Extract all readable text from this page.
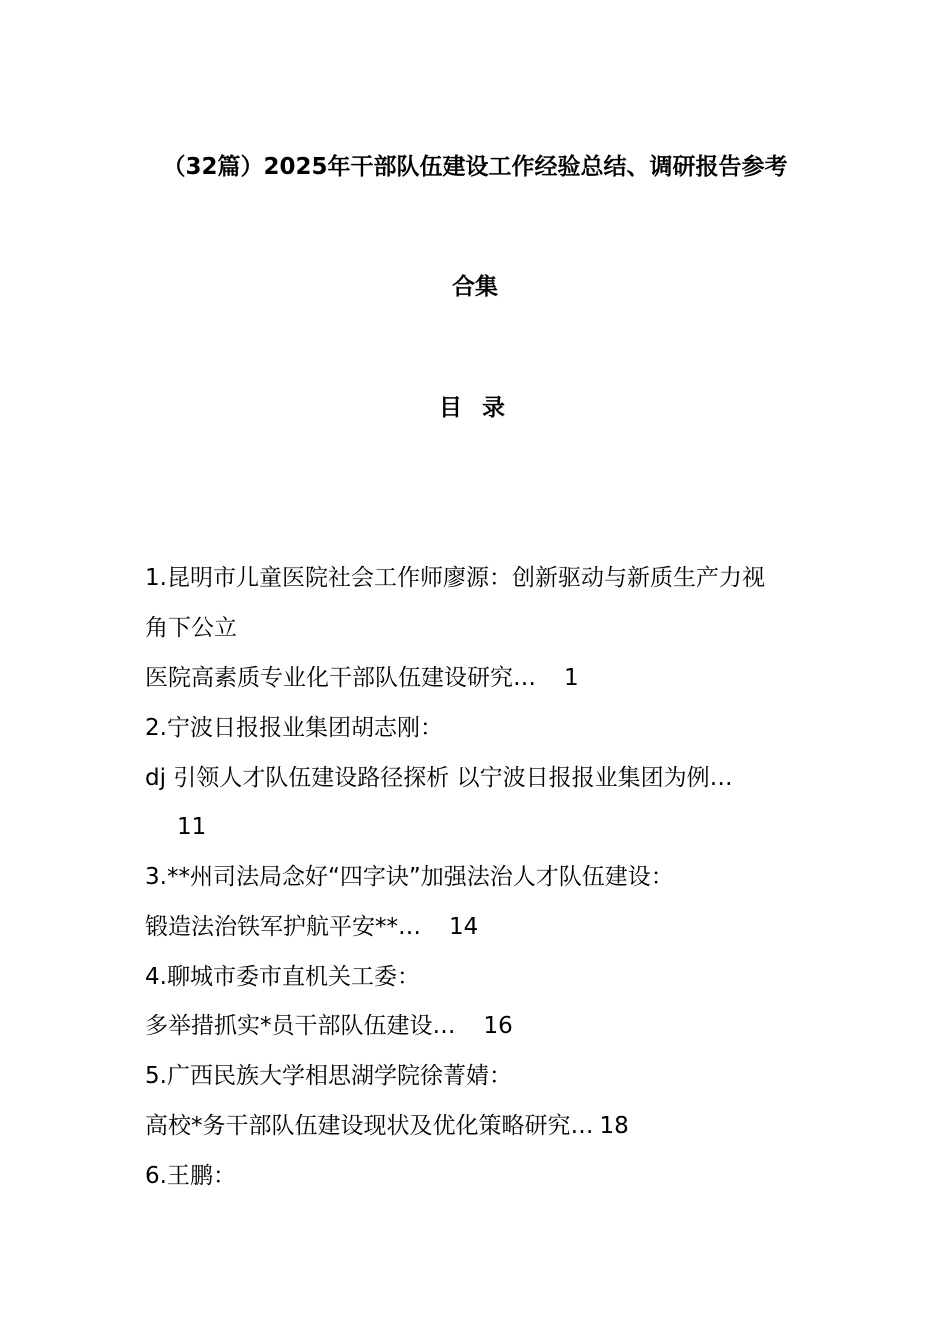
（32篇）2025年干部队伍建设工作经验总结、调研报告参考
合集
目 录
1.昆明市儿童医院社会工作师廖源：创新驱动与新质生产力视
角下公立
医院高素质专业化干部队伍建设研究… 1
2.宁波日报报业集团胡志刚：
dj 引领人才队伍建设路径探析 以宁波日报报业集团为例…
11
3.**州司法局念好“四字诀”加强法治人才队伍建设：
锻造法治铁军护航平安**… 14
4.聊城市委市直机关工委：
多举措抓实*员干部队伍建设… 16
5.广西民族大学相思湖学院徐菁婧：
高校*务干部队伍建设现状及优化策略研究… 18
6.王鹏：
